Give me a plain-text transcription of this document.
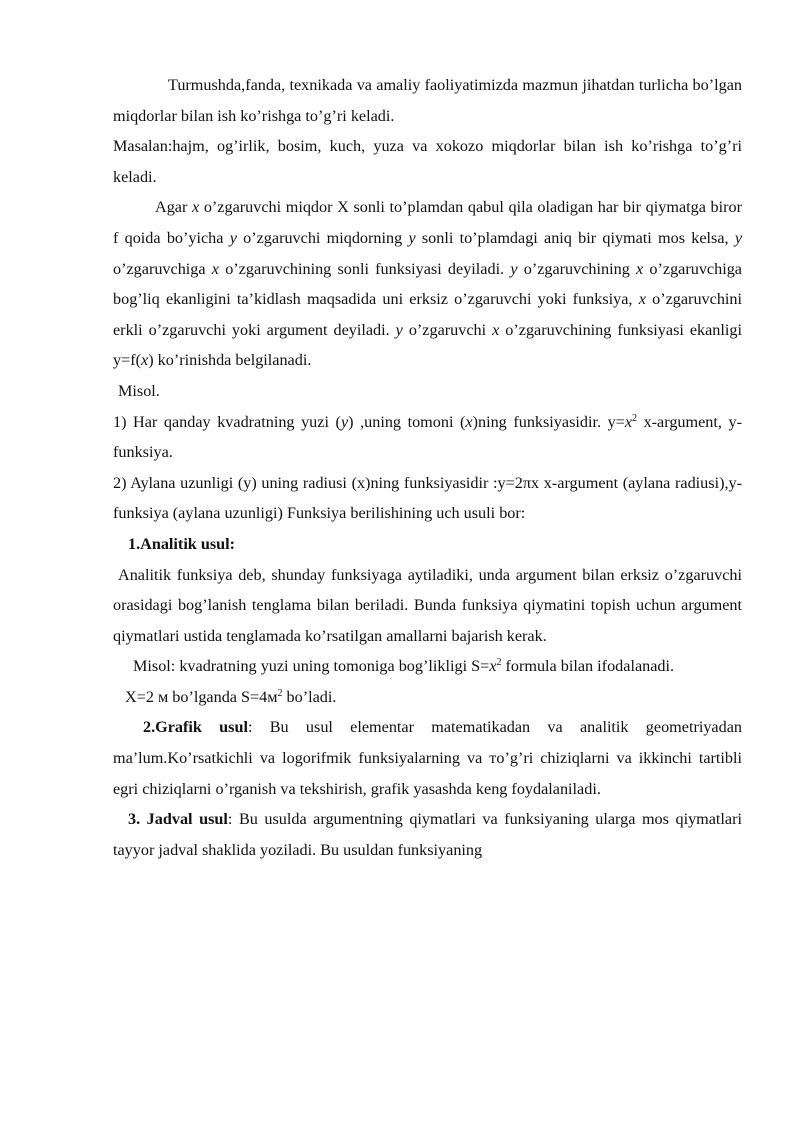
Turmushda,fanda, texnikada va amaliy faoliyatimizda mazmun jihatdan turlicha bo’lgan miqdorlar bilan ish ko’rishga to’g’ri keladi.

Masalan:hajm, og’irlik, bosim, kuch, yuza va xokozo miqdorlar bilan ish ko’rishga to’g’ri keladi.

Agar x o’zgaruvchi miqdor X sonli to’plamdan qabul qila oladigan har bir qiymatga biror f qoida bo’yicha y o’zgaruvchi miqdorning y sonli to’plamdagi aniq bir qiymati mos kelsa, y o’zgaruvchiga x o’zgaruvchining sonli funksiyasi deyiladi. y o’zgaruvchining x o’zgaruvchiga bog’liq ekanligini ta’kidlash maqsadida uni erksiz o’zgaruvchi yoki funksiya, x o’zgaruvchini erkli o’zgaruvchi yoki argument deyiladi. y o’zgaruvchi x o’zgaruvchining funksiyasi ekanligi y=f(x) ko’rinishda belgilanadi.

Misol.

1) Har qanday kvadratning yuzi (y) ,uning tomoni (x)ning funksiyasidir. $y=x^2$ x-argument, y-funksiya.

2) Aylana uzunligi (y) uning radiusi (x)ning funksiyasidir :y=2πx x-argument (aylana radiusi),y-funksiya (aylana uzunligi) Funksiya berilishining uch usuli bor:

1.Analitik usul:

Analitik funksiya deb, shunday funksiyaga aytiladiki, unda argument bilan erksiz o’zgaruvchi orasidagi bog’lanish tenglama bilan beriladi. Bunda funksiya qiymatini topish uchun argument qiymatlari ustida tenglamada ko’rsatilgan amallarni bajarish kerak.

Misol: kvadratning yuzi uning tomoniga bog’likligi $S=x^2$ formula bilan ifodalanadi.

X=2 м bo’lganda $S=4м^2$ bo’ladi.

2.Grafik usul: Bu usul elementar matematikadan va analitik geometriyadan ma’lum.Ko’rsatkichli va logorifmik funksiyalarning va тo’g’ri chiziqlarni va ikkinchi tartibli egri chiziqlarni o’rganish va tekshirish, grafik yasashda keng foydalaniladi.

3. Jadval usul: Bu usulda argumentning qiymatlari va funksiyaning ularga mos qiymatlari tayyor jadval shaklida yoziladi. Bu usuldan funksiyaning
